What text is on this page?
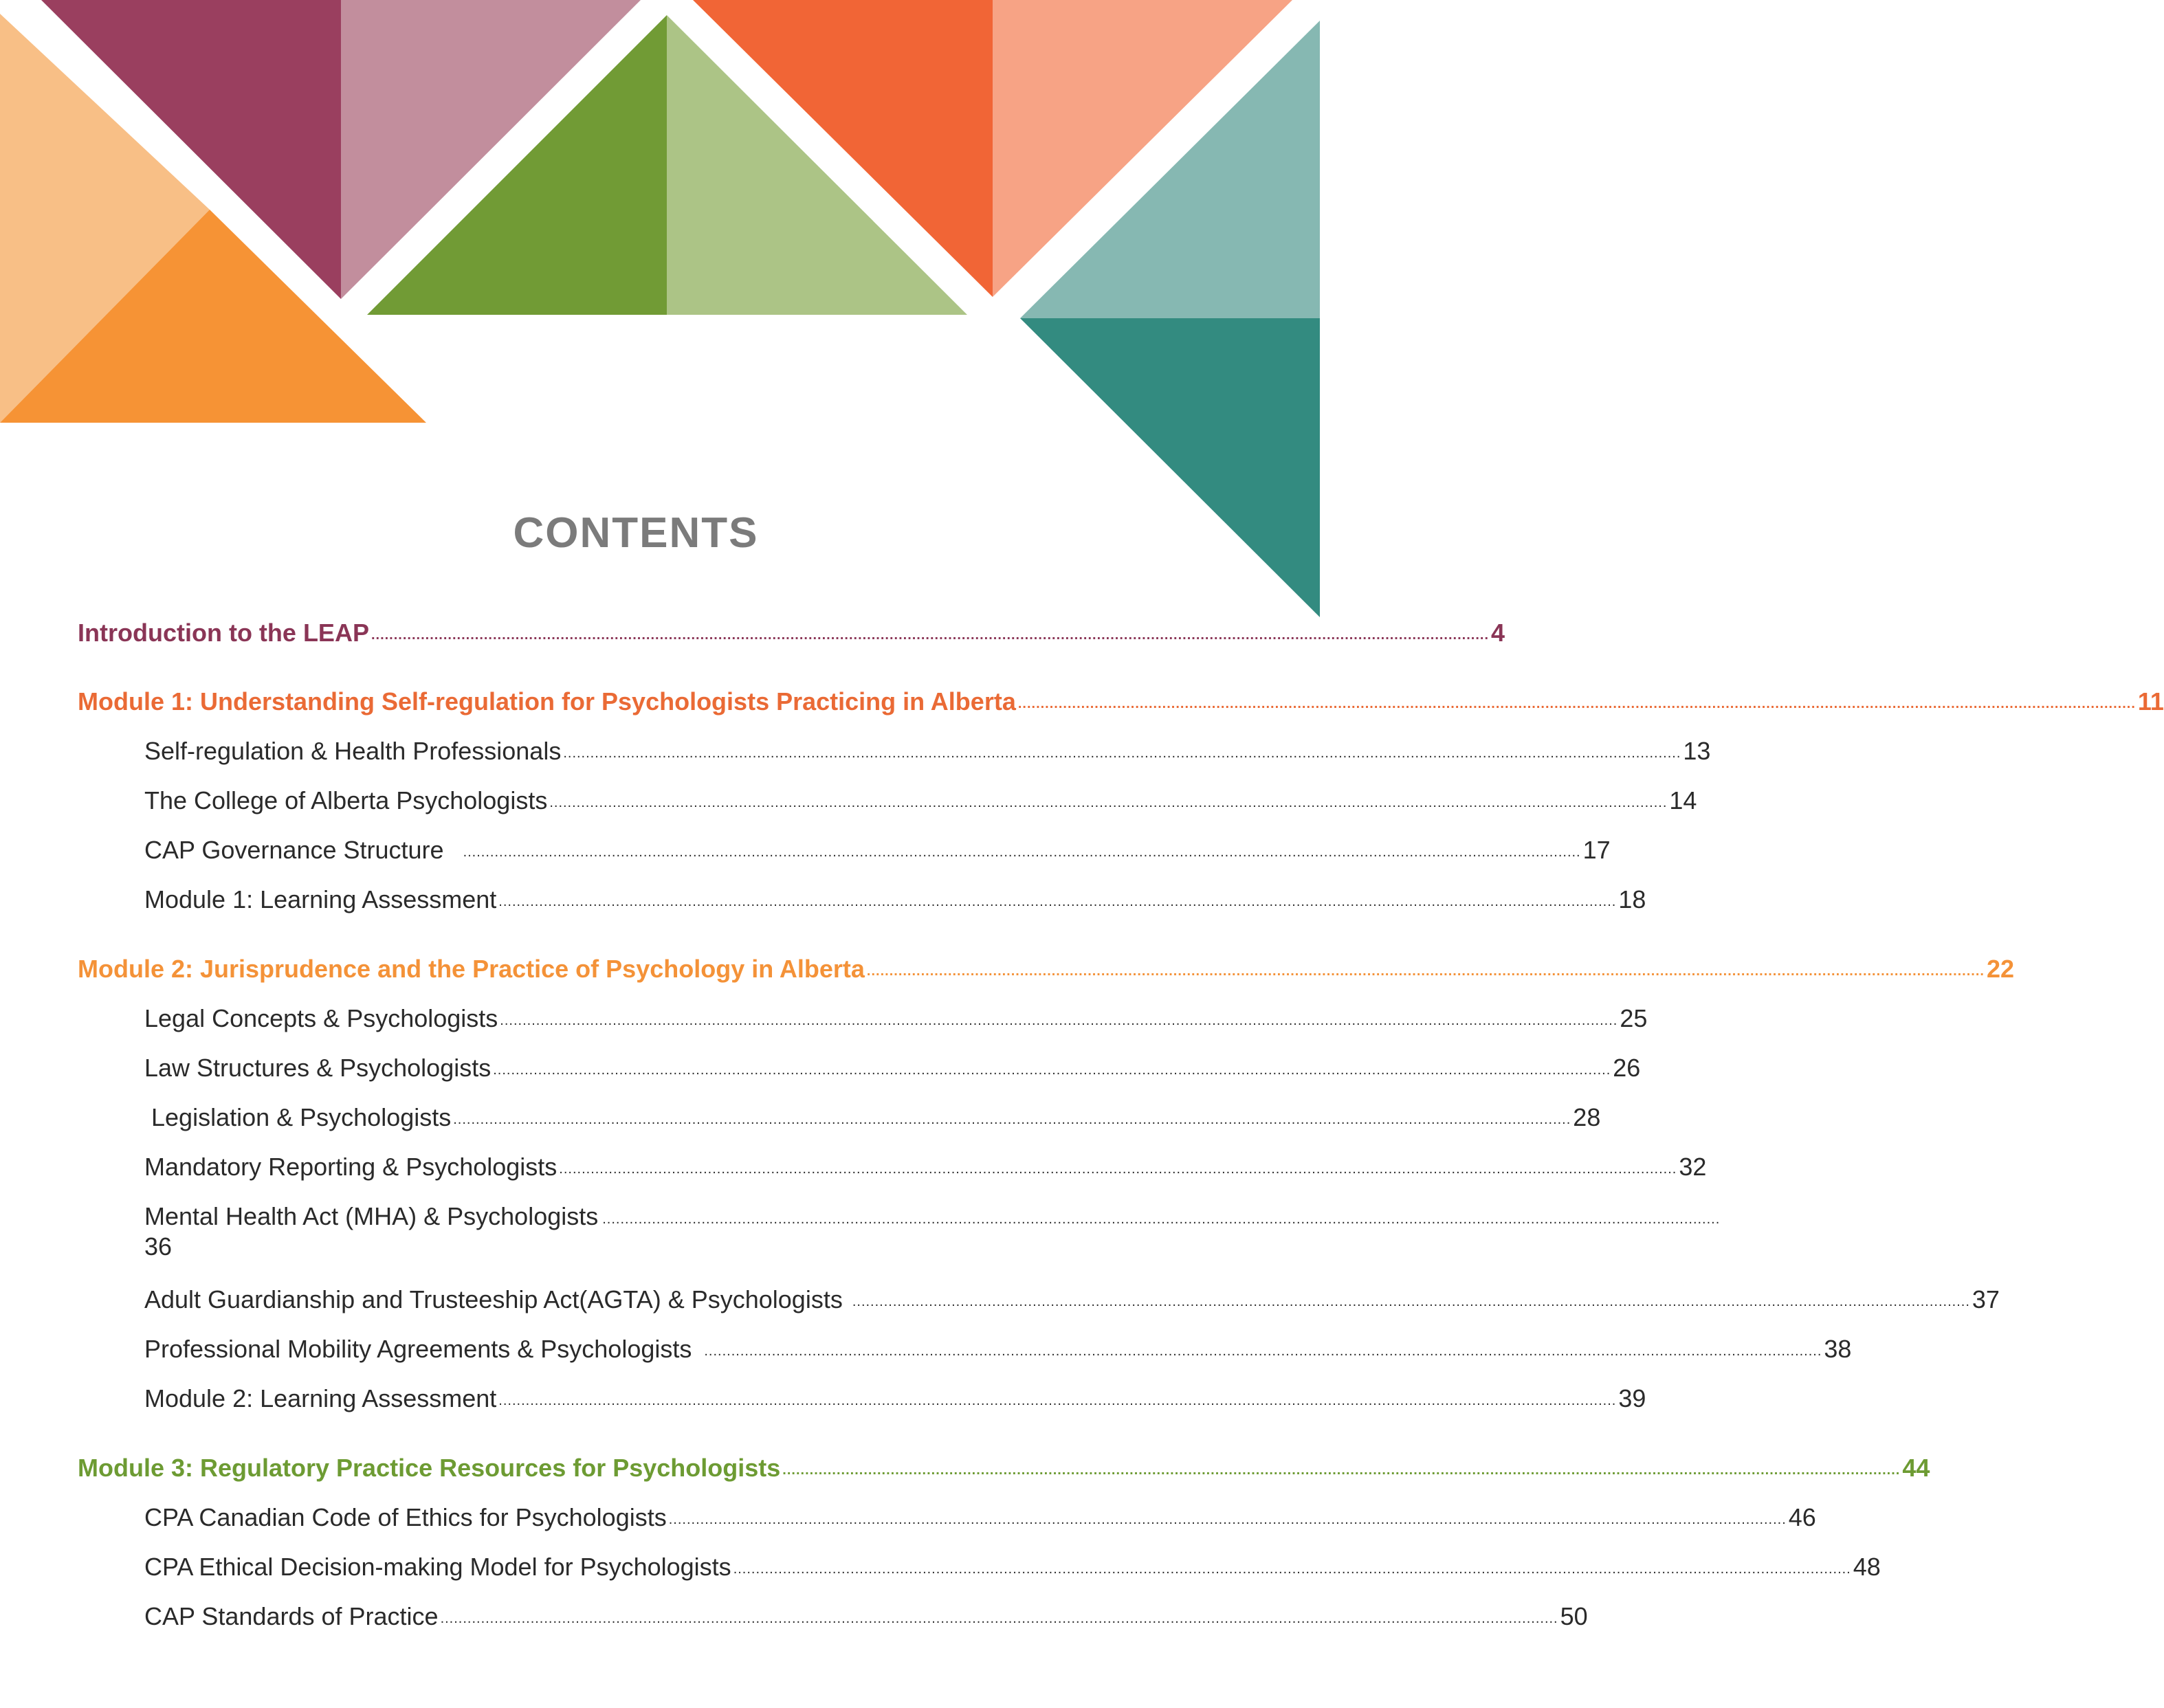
CONTENTS
Introduction to the LEAP ........................................................................................................................................................................................................................................................ 4
Module 1: Understanding Self-regulation for Psychologists Practicing in Alberta ........................................................................................................................................................................................................................................................ 11
Self-regulation & Health Professionals ........................................................................................................................................................................................................................................................ 13
The College of Alberta Psychologists ........................................................................................................................................................................................................................................................ 14
CAP Governance Structure ........................................................................................................................................................................................................................................................ 17
Module 1: Learning Assessment ........................................................................................................................................................................................................................................................ 18
Module 2: Jurisprudence and the Practice of Psychology in Alberta ........................................................................................................................................................................................................................................................ 22
Legal Concepts & Psychologists ........................................................................................................................................................................................................................................................ 25
Law Structures & Psychologists ........................................................................................................................................................................................................................................................ 26
Legislation & Psychologists ........................................................................................................................................................................................................................................................ 28
Mandatory Reporting & Psychologists ........................................................................................................................................................................................................................................................ 32
Mental Health Act (MHA) & Psychologists ........................................................................................................................................................................................................................................................
36
Adult Guardianship and Trusteeship Act(AGTA) & Psychologists ........................................................................................................................................................................................................................................................ 37
Professional Mobility Agreements & Psychologists ........................................................................................................................................................................................................................................................ 38
Module 2: Learning Assessment ........................................................................................................................................................................................................................................................ 39
Module 3: Regulatory Practice Resources for Psychologists ........................................................................................................................................................................................................................................................ 44
CPA Canadian Code of Ethics for Psychologists ........................................................................................................................................................................................................................................................ 46
CPA Ethical Decision-making Model for Psychologists ........................................................................................................................................................................................................................................................ 48
CAP Standards of Practice ........................................................................................................................................................................................................................................................ 50
